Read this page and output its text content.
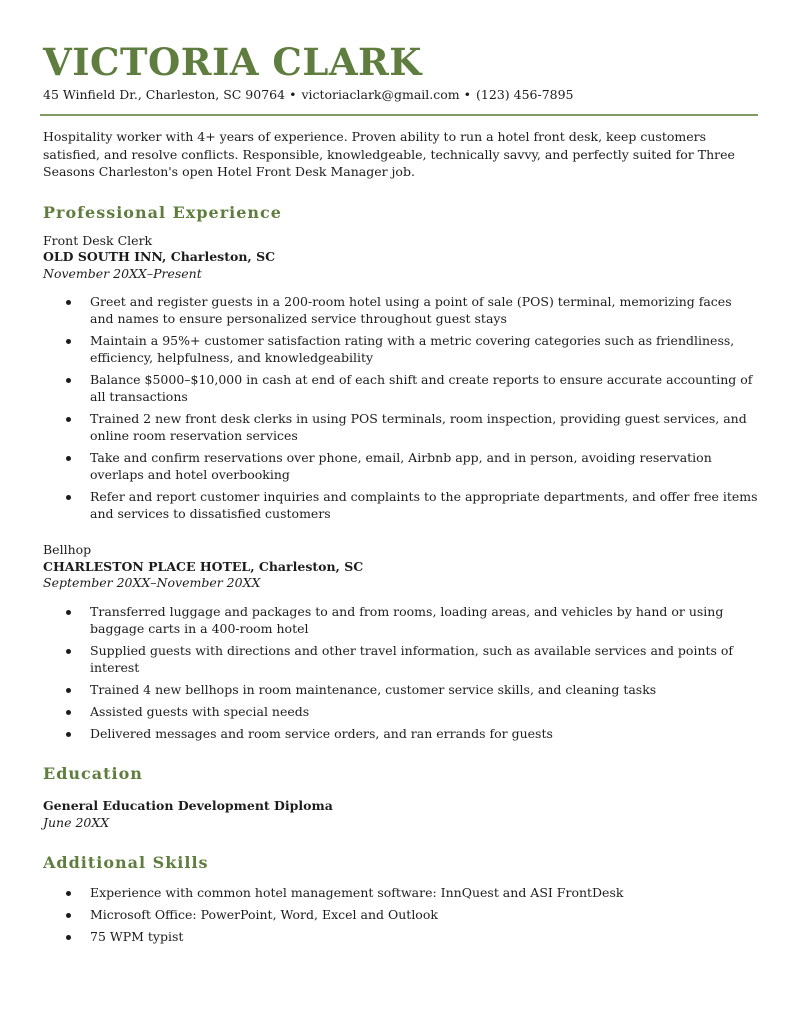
VICTORIA CLARK
45 Winfield Dr., Charleston, SC 90764 • victoriaclark@gmail.com • (123) 456-7895

Hospitality worker with 4+ years of experience. Proven ability to run a hotel front desk, keep customers satisfied, and resolve conflicts. Responsible, knowledgeable, technically savvy, and perfectly suited for Three Seasons Charleston's open Hotel Front Desk Manager job.

Professional Experience
Front Desk Clerk
OLD SOUTH INN, Charleston, SC
November 20XX–Present
Greet and register guests in a 200-room hotel using a point of sale (POS) terminal, memorizing faces and names to ensure personalized service throughout guest stays
Maintain a 95%+ customer satisfaction rating with a metric covering categories such as friendliness, efficiency, helpfulness, and knowledgeability
Balance $5000–$10,000 in cash at end of each shift and create reports to ensure accurate accounting of all transactions
Trained 2 new front desk clerks in using POS terminals, room inspection, providing guest services, and online room reservation services
Take and confirm reservations over phone, email, Airbnb app, and in person, avoiding reservation overlaps and hotel overbooking
Refer and report customer inquiries and complaints to the appropriate departments, and offer free items and services to dissatisfied customers
Bellhop
CHARLESTON PLACE HOTEL, Charleston, SC
September 20XX–November 20XX
Transferred luggage and packages to and from rooms, loading areas, and vehicles by hand or using baggage carts in a 400-room hotel
Supplied guests with directions and other travel information, such as available services and points of interest
Trained 4 new bellhops in room maintenance, customer service skills, and cleaning tasks
Assisted guests with special needs
Delivered messages and room service orders, and ran errands for guests
Education
General Education Development Diploma
June 20XX
Additional Skills
Experience with common hotel management software: InnQuest and ASI FrontDesk
Microsoft Office: PowerPoint, Word, Excel and Outlook
75 WPM typist
